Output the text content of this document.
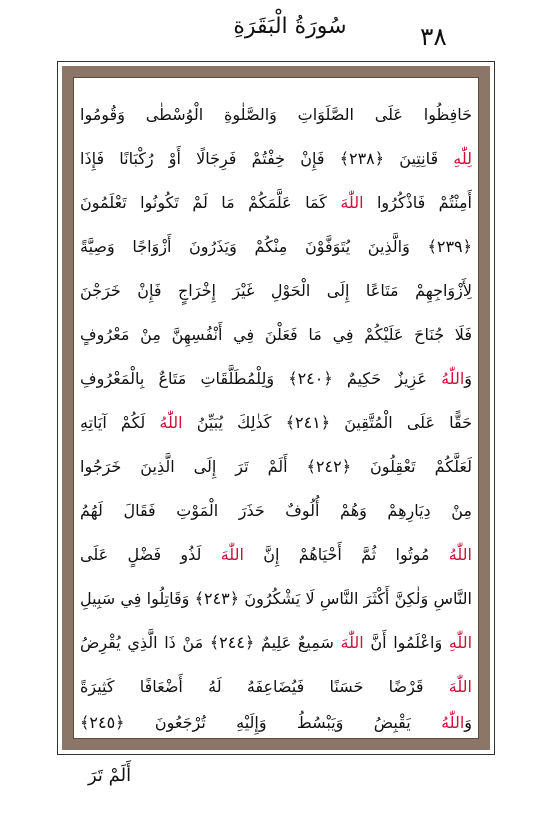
٣٨
سُورَةُ الْبَقَرَةِ
حَافِظُوا عَلَى الصَّلَوَاتِ وَالصَّلٰوةِ الْوُسْطٰى وَقُومُوا
لِلّٰهِ قَانِتِينَ ﴿٢٣٨﴾ فَإِنْ خِفْتُمْ فَرِجَالًا أَوْ رُكْبَانًا فَإِذَا
أَمِنْتُمْ فَاذْكُرُوا اللّٰهَ كَمَا عَلَّمَكُمْ مَا لَمْ تَكُونُوا تَعْلَمُونَ
﴿٢٣٩﴾ وَالَّذِينَ يُتَوَفَّوْنَ مِنْكُمْ وَيَذَرُونَ أَزْوَاجًا وَصِيَّةً
لِأَزْوَاجِهِمْ مَتَاعًا إِلَى الْحَوْلِ غَيْرَ إِخْرَاجٍ فَإِنْ خَرَجْنَ
فَلَا جُنَاحَ عَلَيْكُمْ فِي مَا فَعَلْنَ فِي أَنْفُسِهِنَّ مِنْ مَعْرُوفٍ
وَاللّٰهُ عَزِيزٌ حَكِيمٌ ﴿٢٤٠﴾ وَلِلْمُطَلَّقَاتِ مَتَاعٌ بِالْمَعْرُوفِ
حَقًّا عَلَى الْمُتَّقِينَ ﴿٢٤١﴾ كَذٰلِكَ يُبَيِّنُ اللّٰهُ لَكُمْ آيَاتِهِ
لَعَلَّكُمْ تَعْقِلُونَ ﴿٢٤٢﴾ أَلَمْ تَرَ إِلَى الَّذِينَ خَرَجُوا
مِنْ دِيَارِهِمْ وَهُمْ أُلُوفٌ حَذَرَ الْمَوْتِ فَقَالَ لَهُمُ
اللّٰهُ مُوتُوا ثُمَّ أَحْيَاهُمْ إِنَّ اللّٰهَ لَذُو فَضْلٍ عَلَى
النَّاسِ وَلٰكِنَّ أَكْثَرَ النَّاسِ لَا يَشْكُرُونَ ﴿٢٤٣﴾ وَقَاتِلُوا فِي سَبِيلِ
اللّٰهِ وَاعْلَمُوا أَنَّ اللّٰهَ سَمِيعٌ عَلِيمٌ ﴿٢٤٤﴾ مَنْ ذَا الَّذِي يُقْرِضُ
اللّٰهَ قَرْضًا حَسَنًا فَيُضَاعِفَهُ لَهُ أَضْعَافًا كَثِيرَةً
وَاللّٰهُ يَقْبِضُ وَيَبْسُطُ وَإِلَيْهِ تُرْجَعُونَ ﴿٢٤٥﴾
أَلَمْ تَرَ
